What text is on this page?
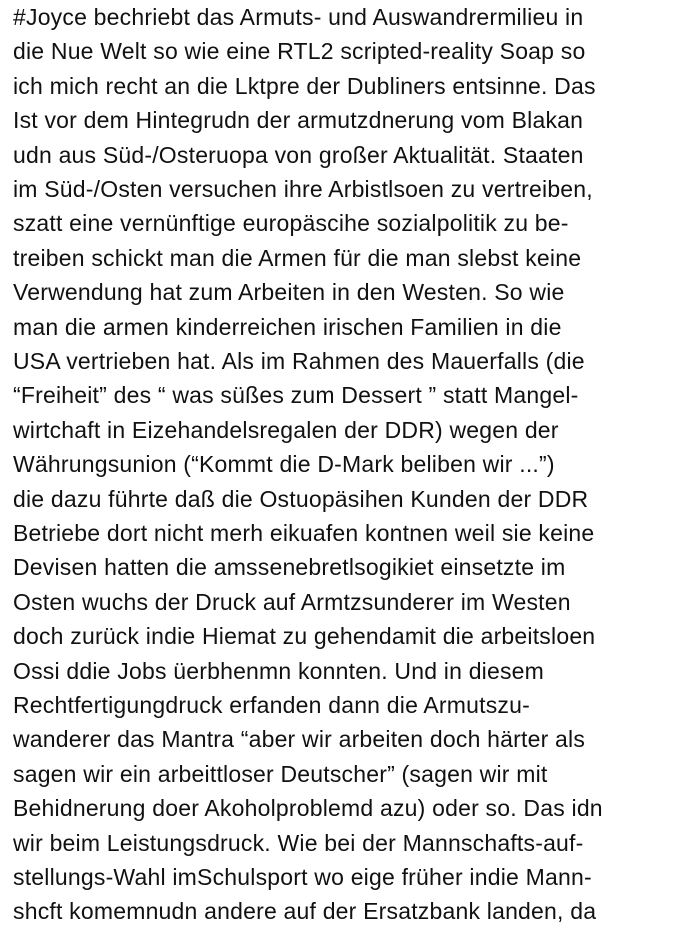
#Joyce bechriebt das Armuts- und Auswandrermilieu in
die Nue Welt so wie eine RTL2 scripted-reality Soap so
ich mich recht an die Lktpre der Dubliners entsinne. Das
Ist vor dem Hintegrudn der armutzdnerung vom Blakan
udn aus Süd-/Osteruopa von großer Aktualität. Staaten
im Süd-/Osten versuchen ihre Arbistlsoen zu vertreiben,
szatt eine vernünftige europäscihe sozialpolitik zu be-
treiben schickt man die Armen für die man slebst keine
Verwendung hat zum Arbeiten in den Westen. So wie
man die armen kinderreichen irischen Familien in die
USA vertrieben hat. Als im Rahmen des Mauerfalls (die
“Freiheit” des “ was süßes zum Dessert ” statt Mangel-
wirtchaft in Eizehandelsregalen der DDR) wegen der
Währungsunion (“Kommt die D-Mark beliben wir ...”)
die dazu führte daß die Ostuopäsihen Kunden der DDR
Betriebe dort nicht merh eikuafen kontnen weil sie keine
Devisen hatten die amssenebretlsogikiet einsetzte im
Osten wuchs der Druck auf Armtzsunderer im Westen
doch zurück indie Hiemat zu gehendamit die arbeitsloen
Ossi ddie Jobs üerbhenmn konnten. Und in diesem
Rechtfertigungdruck erfanden dann die Armutszu-
wanderer das Mantra “aber wir arbeiten doch härter als
sagen wir ein arbeittloser Deutscher” (sagen wir mit
Behidnerung doer Akoholproblemd azu) oder so. Das idn
wir beim Leistungsdruck. Wie bei der Mannschafts-auf-
stellungs-Wahl imSchulsport wo eige früher indie Mann-
shcft komemnudn andere auf der Ersatzbank landen, da
